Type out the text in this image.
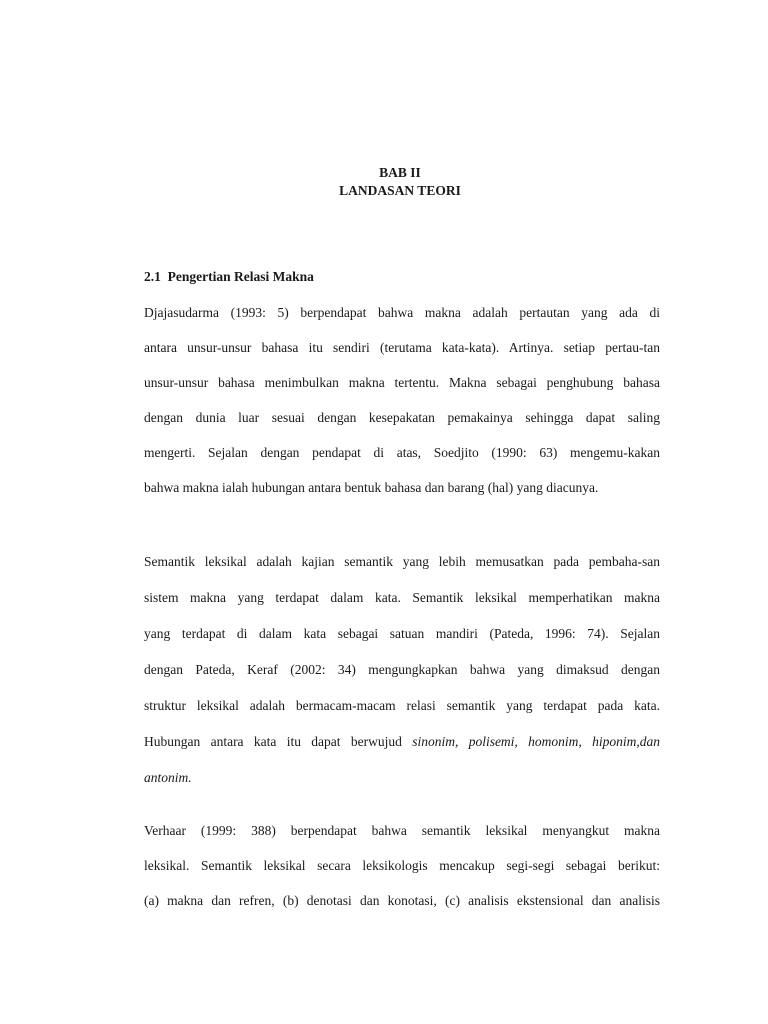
BAB II
LANDASAN TEORI
2.1 Pengertian Relasi Makna
Djajasudarma (1993: 5) berpendapat bahwa makna adalah pertautan yang ada di
antara unsur-unsur bahasa itu sendiri (terutama kata-kata). Artinya. setiap pertau-tan
unsur-unsur bahasa menimbulkan makna tertentu. Makna sebagai penghubung bahasa
dengan dunia luar sesuai dengan kesepakatan pemakainya sehingga dapat saling
mengerti. Sejalan dengan pendapat di atas, Soedjito (1990: 63) mengemu-kakan
bahwa makna ialah hubungan antara bentuk bahasa dan barang (hal) yang diacunya.
Semantik leksikal adalah kajian semantik yang lebih memusatkan pada pembaha-san
sistem makna yang terdapat dalam kata. Semantik leksikal memperhatikan makna
yang terdapat di dalam kata sebagai satuan mandiri (Pateda, 1996: 74). Sejalan
dengan Pateda, Keraf (2002: 34) mengungkapkan bahwa yang dimaksud dengan
struktur leksikal adalah bermacam-macam relasi semantik yang terdapat pada kata.
Hubungan antara kata itu dapat berwujud sinonim, polisemi, homonim, hiponim,dan
antonim.
Verhaar (1999: 388) berpendapat bahwa semantik leksikal menyangkut makna
leksikal. Semantik leksikal secara leksikologis mencakup segi-segi sebagai berikut:
(a) makna dan refren, (b) denotasi dan konotasi, (c) analisis ekstensional dan analisis
